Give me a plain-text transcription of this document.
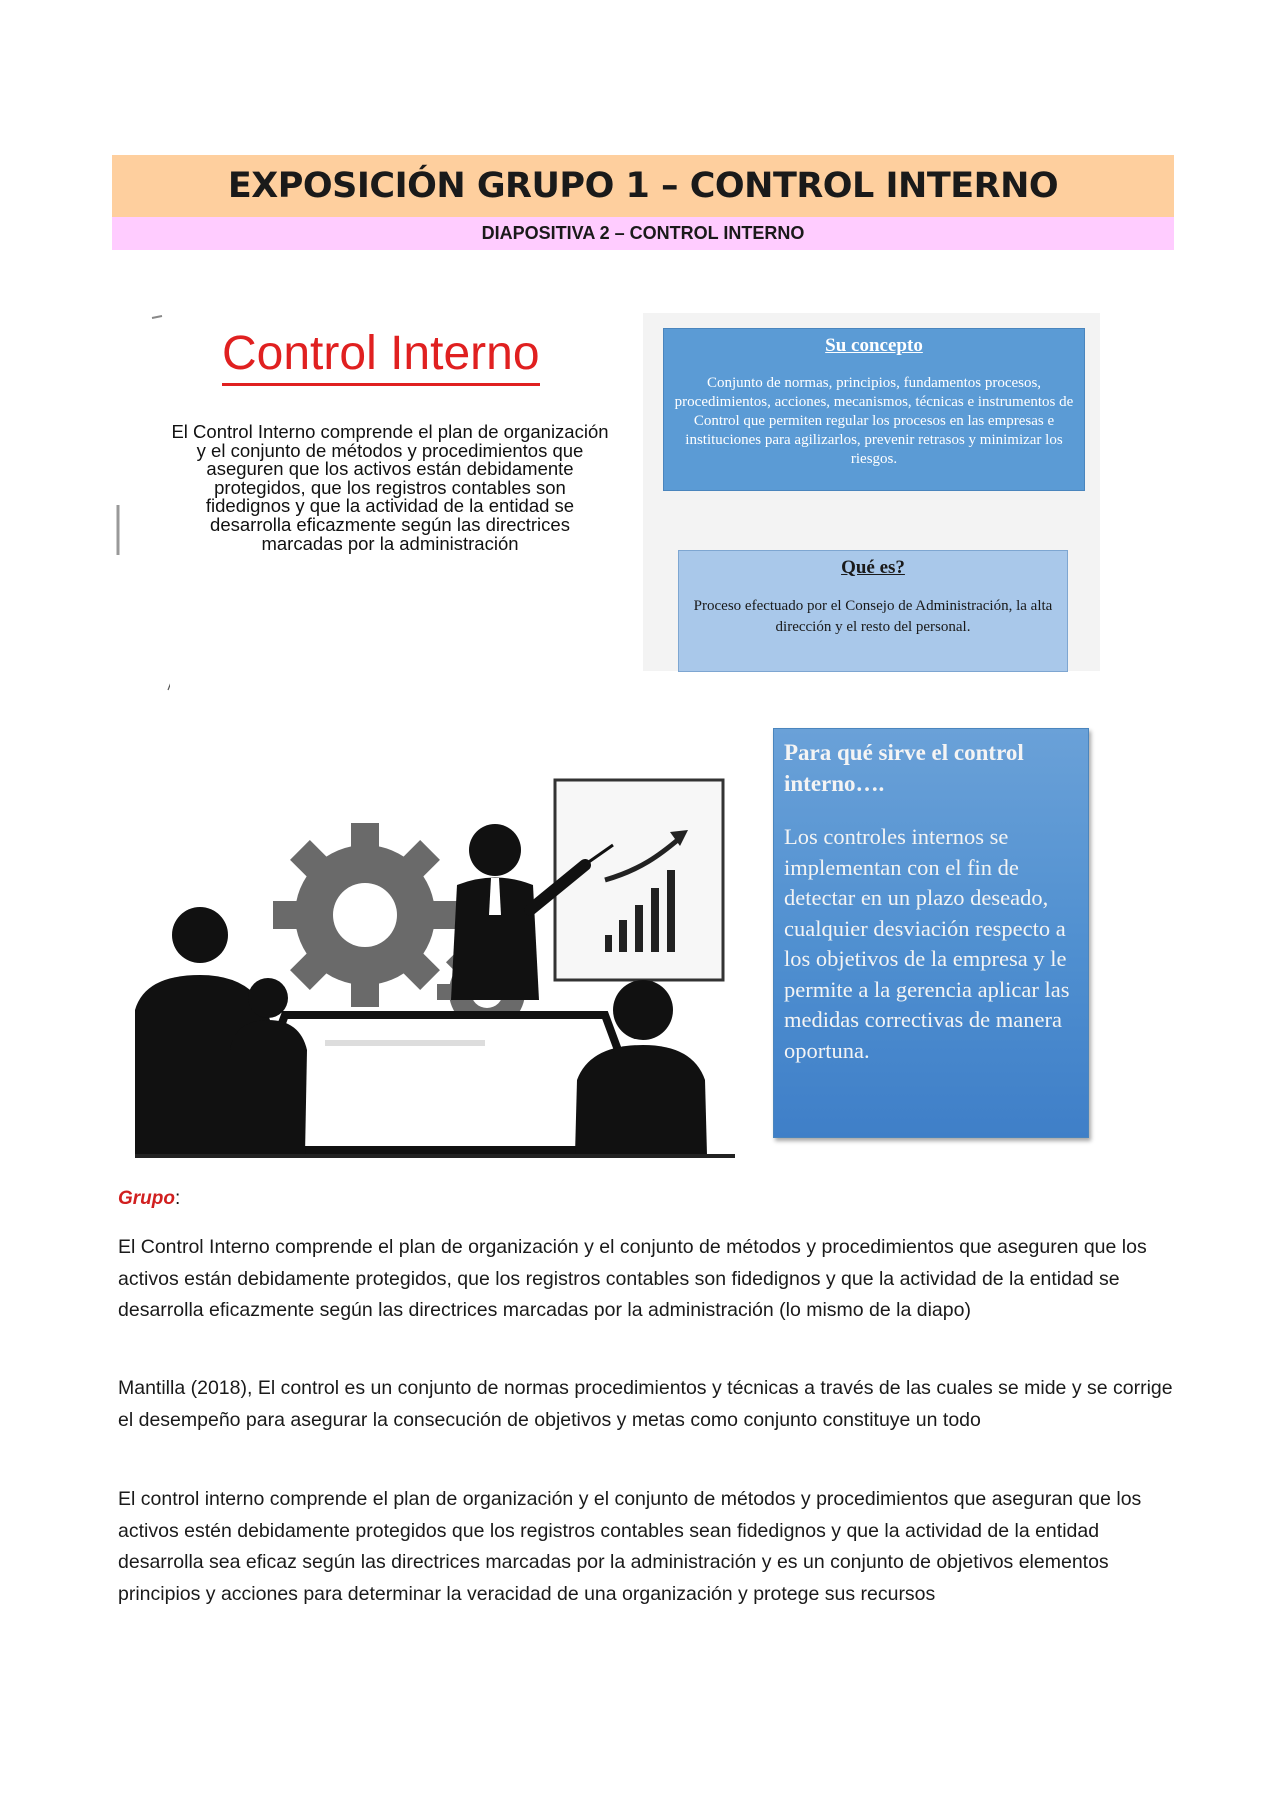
EXPOSICIÓN GRUPO 1 – CONTROL INTERNO
DIAPOSITIVA 2 – CONTROL INTERNO
Control Interno
El Control Interno comprende el plan de organización y el conjunto de métodos y procedimientos que aseguren que los activos están debidamente protegidos, que los registros contables son fidedignos y que la actividad de la entidad se desarrolla eficazmente según las directrices marcadas por la administración
Su concepto
Conjunto de normas, principios, fundamentos procesos, procedimientos, acciones, mecanismos, técnicas e instrumentos de Control que permiten regular los procesos en las empresas e instituciones para agilizarlos, prevenir retrasos y minimizar los riesgos.
Qué es?
Proceso efectuado por el Consejo de Administración, la alta dirección y el resto del personal.
Para qué sirve el control interno….
Los controles internos se implementan con el fin de detectar en un plazo deseado, cualquier desviación respecto a los objetivos de la empresa y le permite a la gerencia aplicar las medidas correctivas de manera oportuna.
Grupo:
El Control Interno comprende el plan de organización y el conjunto de métodos y procedimientos que aseguren que los activos están debidamente protegidos, que los registros contables son fidedignos y que la actividad de la entidad se desarrolla eficazmente según las directrices marcadas por la administración (lo mismo de la diapo)
Mantilla (2018), El control es un conjunto de normas procedimientos y técnicas a través de las cuales se mide y se corrige el desempeño para asegurar la consecución de objetivos y metas como conjunto constituye un todo
El control interno comprende el plan de organización y el conjunto de métodos y procedimientos que aseguran que los activos estén debidamente protegidos que los registros contables sean fidedignos y que la actividad de la entidad desarrolla sea eficaz según las directrices marcadas por la administración y es un conjunto de objetivos elementos principios y acciones para determinar la veracidad de una organización y protege sus recursos
